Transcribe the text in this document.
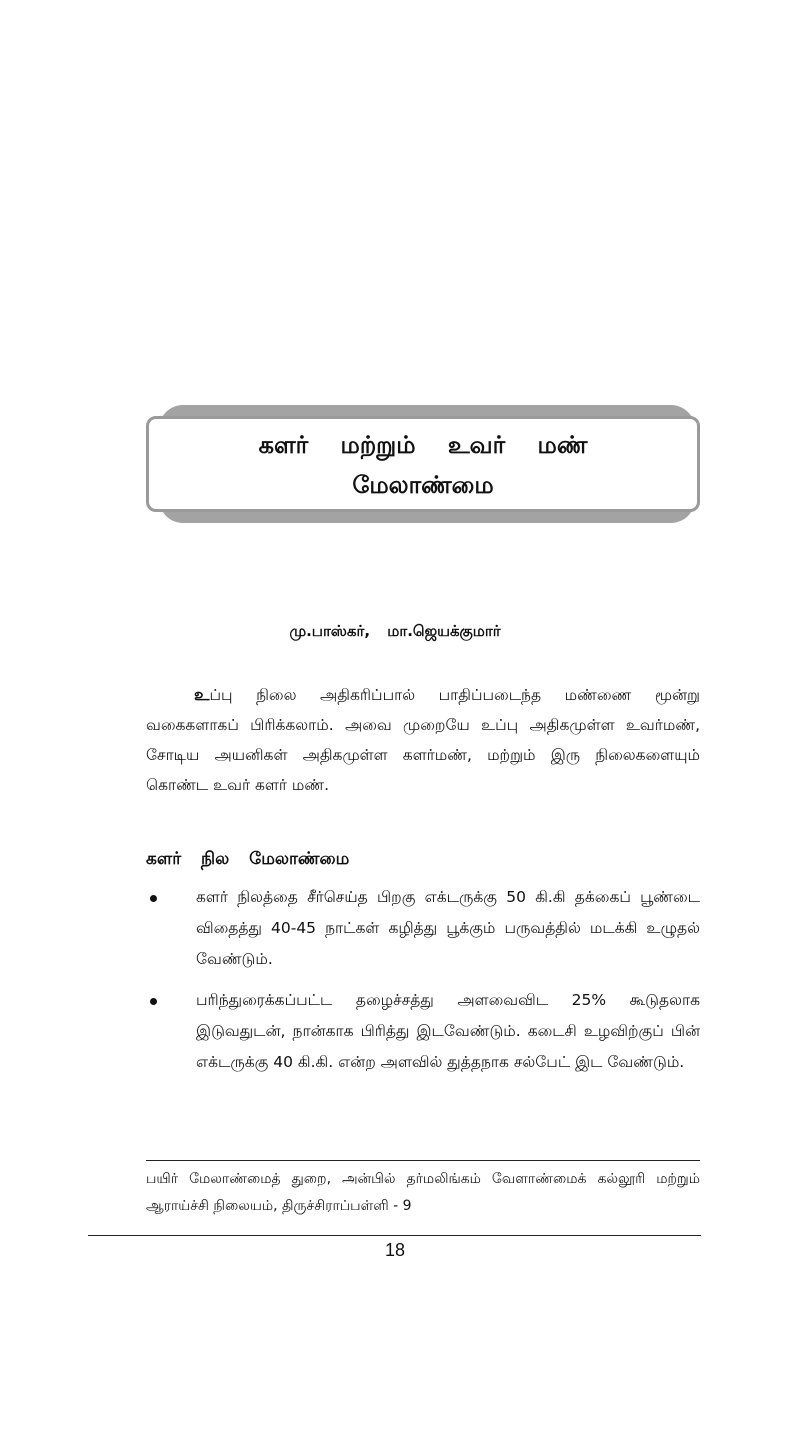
களர் மற்றும் உவர் மண்
மேலாண்மை
மு.பாஸ்கர், மா.ஜெயக்குமார்
உப்பு நிலை அதிகரிப்பால் பாதிப்படைந்த மண்ணை மூன்று வகைகளாகப் பிரிக்கலாம். அவை முறையே உப்பு அதிகமுள்ள உவர்மண், சோடிய அயனிகள் அதிகமுள்ள களர்மண், மற்றும் இரு நிலைகளையும் கொண்ட உவர் களர் மண்.
களர் நில மேலாண்மை
களர் நிலத்தை சீர்செய்த பிறகு எக்டருக்கு 50 கி.கி தக்கைப் பூண்டை விதைத்து 40-45 நாட்கள் கழித்து பூக்கும் பருவத்தில் மடக்கி உழுதல் வேண்டும்.
பரிந்துரைக்கப்பட்ட தழைச்சத்து அளவைவிட 25% கூடுதலாக இடுவதுடன், நான்காக பிரித்து இடவேண்டும். கடைசி உழவிற்குப் பின் எக்டருக்கு 40 கி.கி. என்ற அளவில் துத்தநாக சல்பேட் இட வேண்டும்.
பயிர் மேலாண்மைத் துறை, அன்பில் தர்மலிங்கம் வேளாண்மைக் கல்லூரி மற்றும் ஆராய்ச்சி நிலையம், திருச்சிராப்பள்ளி - 9
18
